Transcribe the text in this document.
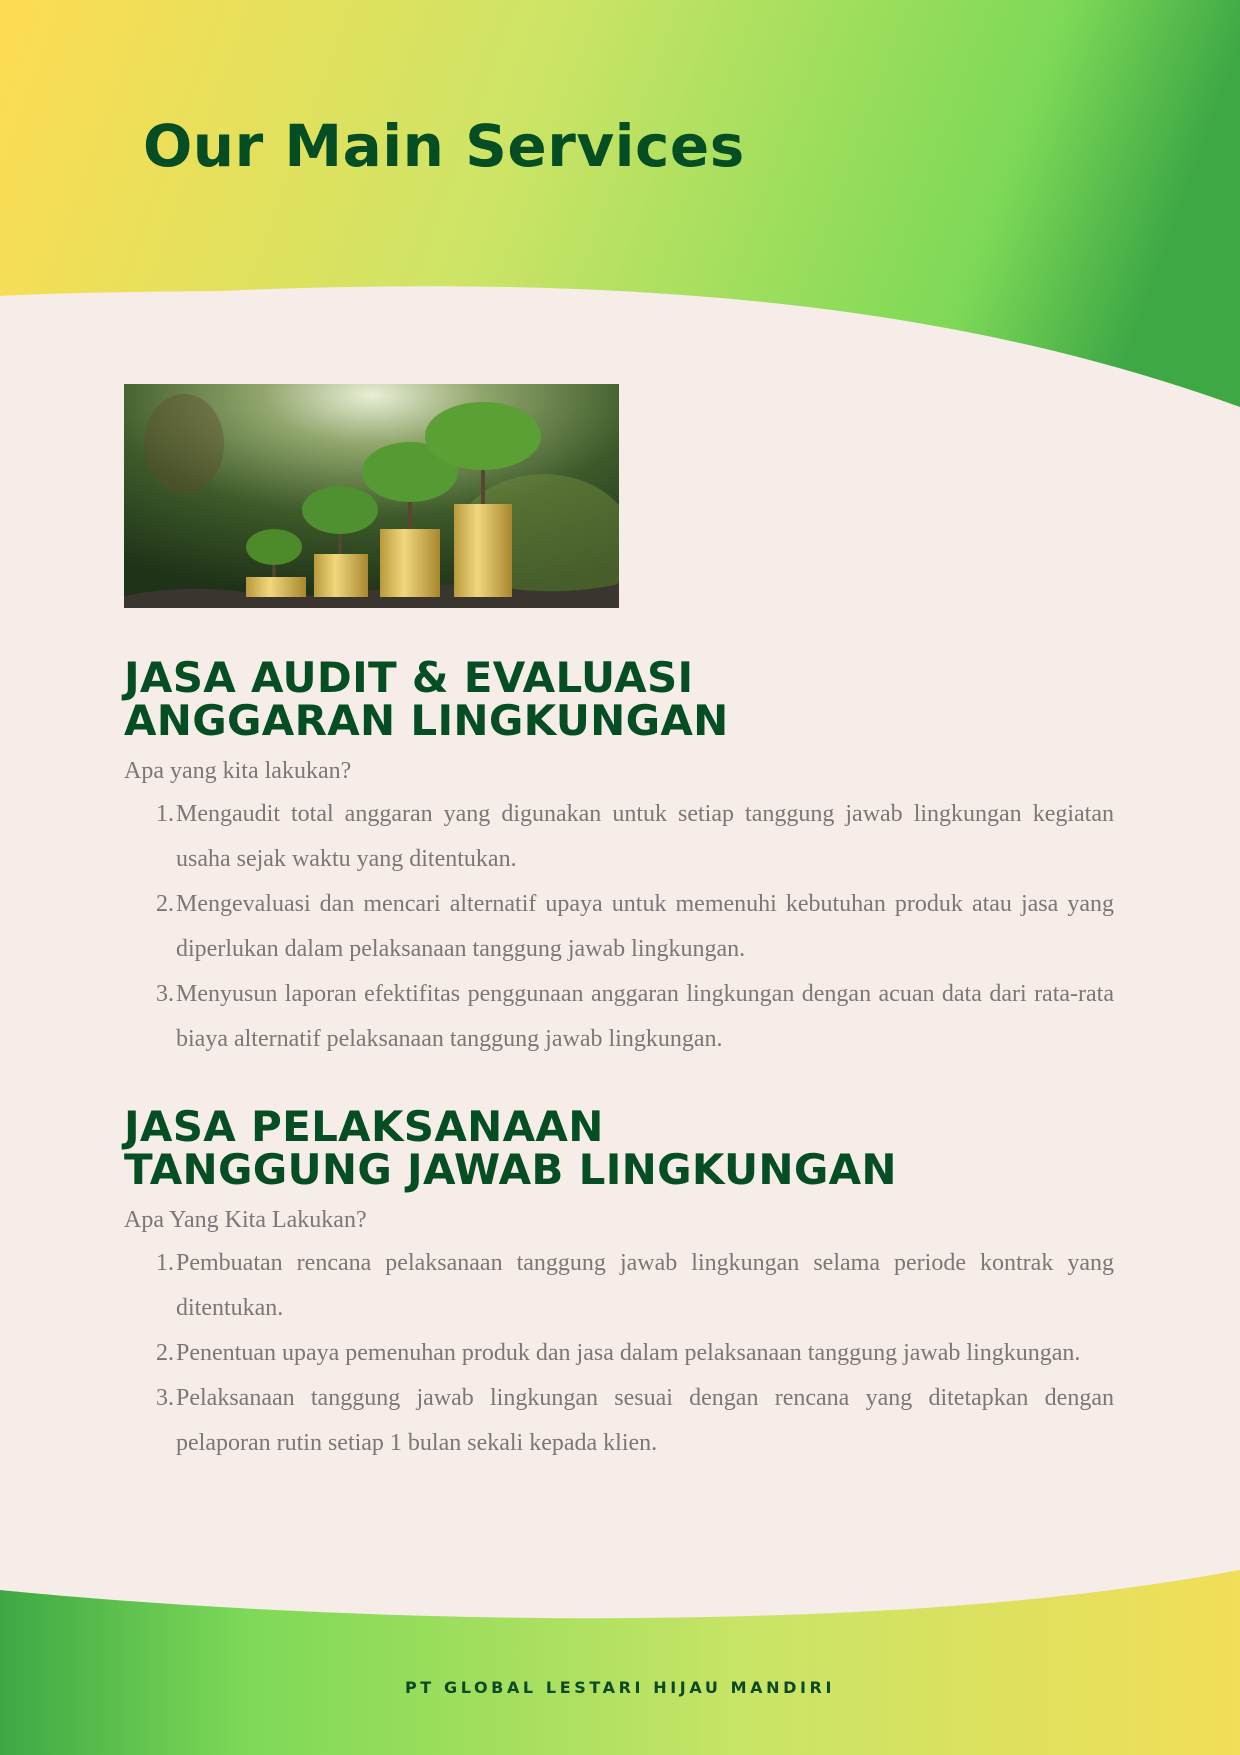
Our Main Services
JASA AUDIT & EVALUASI
ANGGARAN LINGKUNGAN

Apa yang kita lakukan?

1. Mengaudit total anggaran yang digunakan untuk setiap tanggung jawab lingkungan kegiatan usaha sejak waktu yang ditentukan.
2. Mengevaluasi dan mencari alternatif upaya untuk memenuhi kebutuhan produk atau jasa yang diperlukan dalam pelaksanaan tanggung jawab lingkungan.
3. Menyusun laporan efektifitas penggunaan anggaran lingkungan dengan acuan data dari rata-rata biaya alternatif pelaksanaan tanggung jawab lingkungan.
JASA PELAKSANAAN
TANGGUNG JAWAB LINGKUNGAN

Apa Yang Kita Lakukan?

1. Pembuatan rencana pelaksanaan tanggung jawab lingkungan selama periode kontrak yang ditentukan.
2. Penentuan upaya pemenuhan produk dan jasa dalam pelaksanaan tanggung jawab lingkungan.
3. Pelaksanaan tanggung jawab lingkungan sesuai dengan rencana yang ditetapkan dengan pelaporan rutin setiap 1 bulan sekali kepada klien.
PT GLOBAL LESTARI HIJAU MANDIRI
